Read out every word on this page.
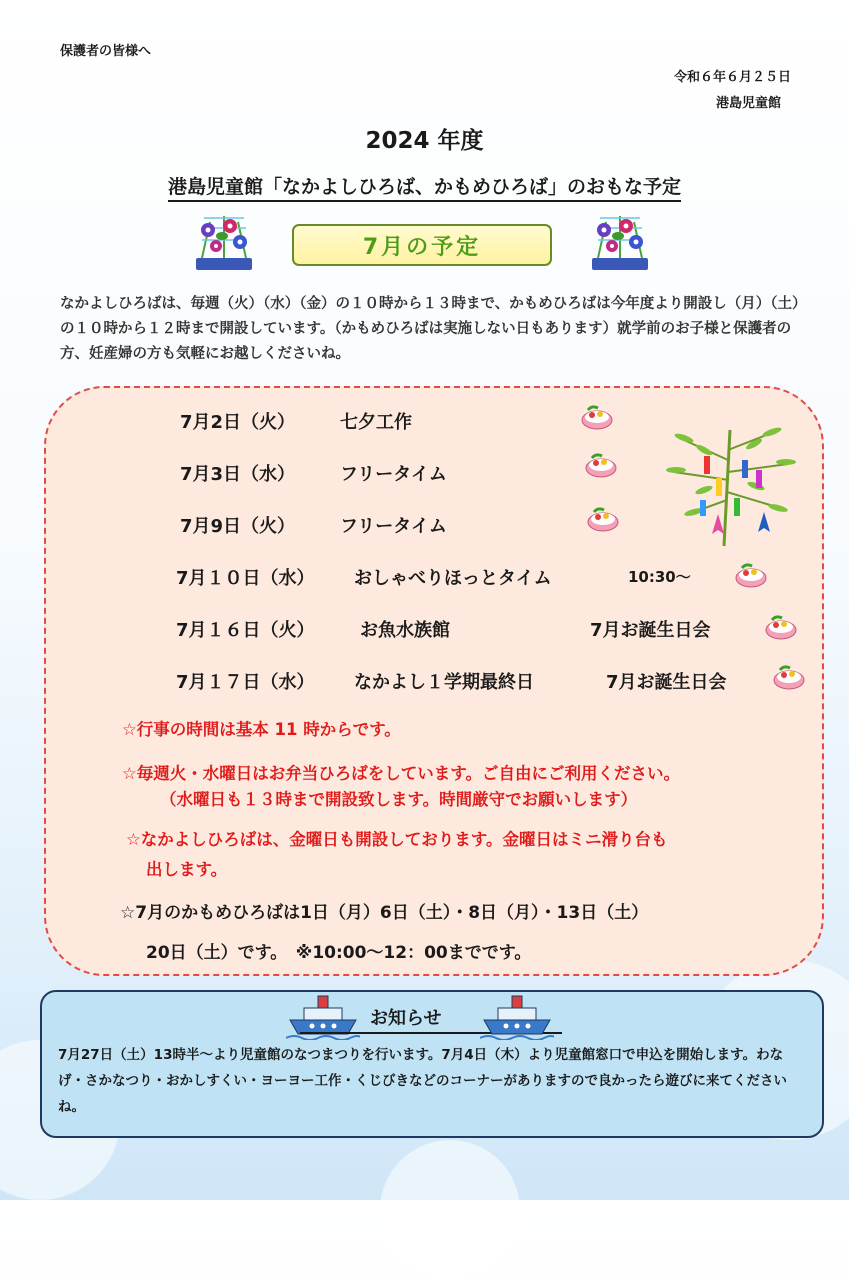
保護者の皆様へ
令和６年６月２５日
港島児童館
2024 年度
港島児童館「なかよしひろば、かもめひろば」のおもな予定
7月の予定
なかよしひろばは、毎週（火）（水）（金）の１０時から１３時まで、かもめひろばは今年度より開設し（月）（土）の１０時から１２時まで開設しています。（かもめひろばは実施しない日もあります）就学前のお子様と保護者の方、妊産婦の方も気軽にお越しくださいね。
7月2日（火） 七夕工作
7月3日（水） フリータイム
7月9日（火） フリータイム
7月１０日（水） おしゃべりほっとタイム	10:30～
7月１６日（火）	お魚水族館	7月お誕生日会
7月１７日（水） なかよし１学期最終日	7月お誕生日会
☆行事の時間は基本 11 時からです。
☆毎週火・水曜日はお弁当ひろばをしています。ご自由にご利用ください。
（水曜日も１３時まで開設致します。時間厳守でお願いします）
☆なかよしひろばは、金曜日も開設しております。金曜日はミニ滑り台も
出します。
☆7月のかもめひろばは1日（月）6日（土）・8日（月）・13日（土）
20日（土）です。　※10:00～12：00までです。
お知らせ
7月27日（土）13時半～より児童館のなつまつりを行います。7月4日（木）より児童館窓口で申込を開始します。わなげ・さかなつり・おかしすくい・ヨーヨー工作・くじびきなどのコーナーがありますので良かったら遊びに来てくださいね。
